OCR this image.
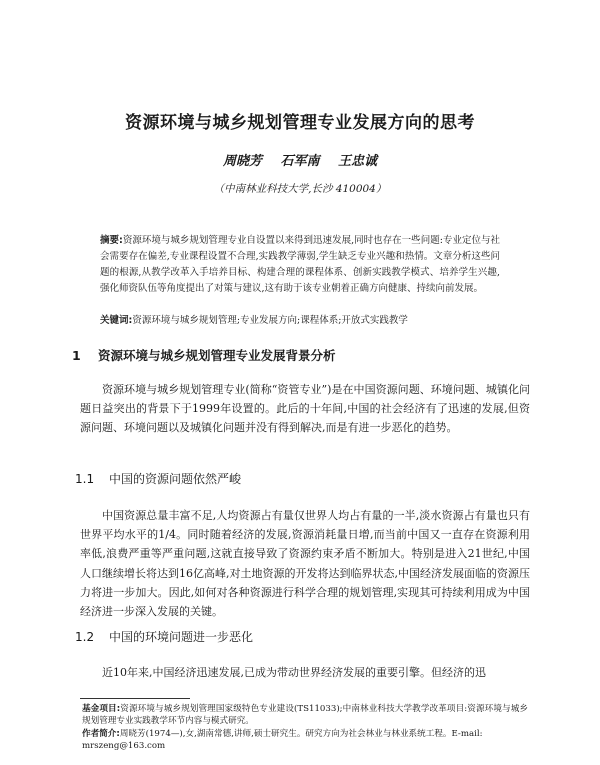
资源环境与城乡规划管理专业发展方向的思考
周晓芳 石军南 王忠诚
（中南林业科技大学,长沙 410004）
摘要:资源环境与城乡规划管理专业自设置以来得到迅速发展,同时也存在一些问题:专业定位与社会需要存在偏差,专业课程设置不合理,实践教学薄弱,学生缺乏专业兴趣和热情。文章分析这些问题的根源,从教学改革入手培养目标、构建合理的课程体系、创新实践教学模式、培养学生兴趣,强化师资队伍等角度提出了对策与建议,这有助于该专业朝着正确方向健康、持续向前发展。
关键词:资源环境与城乡规划管理;专业发展方向;课程体系;开放式实践教学
1 资源环境与城乡规划管理专业发展背景分析
资源环境与城乡规划管理专业(简称“资管专业”)是在中国资源问题、环境问题、城镇化问题日益突出的背景下于1999年设置的。此后的十年间,中国的社会经济有了迅速的发展,但资源问题、环境问题以及城镇化问题并没有得到解决,而是有进一步恶化的趋势。
1.1 中国的资源问题依然严峻
中国资源总量丰富不足,人均资源占有量仅世界人均占有量的一半,淡水资源占有量也只有世界平均水平的1/4。同时随着经济的发展,资源消耗量日增,而当前中国又一直存在资源利用率低,浪费严重等严重问题,这就直接导致了资源约束矛盾不断加大。特别是进入21世纪,中国人口继续增长将达到16亿高峰,对土地资源的开发将达到临界状态,中国经济发展面临的资源压力将进一步加大。因此,如何对各种资源进行科学合理的规划管理,实现其可持续利用成为中国经济进一步深入发展的关键。
1.2 中国的环境问题进一步恶化
近10年来,中国经济迅速发展,已成为带动世界经济发展的重要引擎。但经济的迅
基金项目:资源环境与城乡规划管理国家级特色专业建设(TS11033);中南林业科技大学教学改革项目:资源环境与城乡规划管理专业实践教学环节内容与模式研究。
作者简介:周晓芳(1974—),女,湖南常德,讲师,硕士研究生。研究方向为社会林业与林业系统工程。E-mail:
mrszeng@163.com
